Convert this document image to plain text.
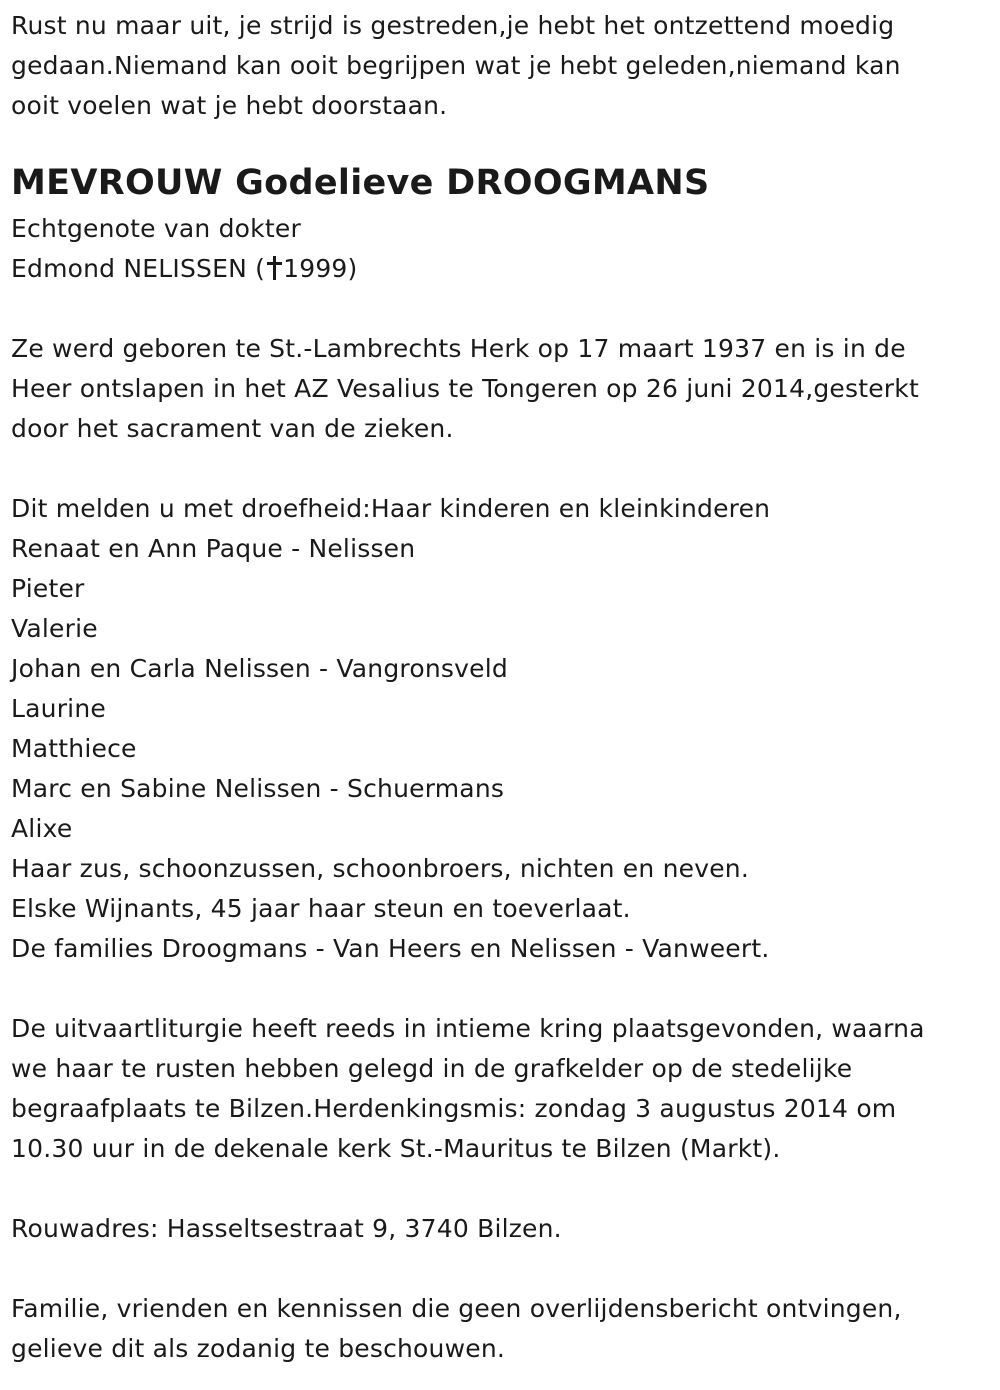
Rust nu maar uit, je strijd is gestreden,je hebt het ontzettend moedig
gedaan.Niemand kan ooit begrijpen wat je hebt geleden,niemand kan
ooit voelen wat je hebt doorstaan.
MEVROUW Godelieve DROOGMANS
Echtgenote van dokter
Edmond NELISSEN ( 1999)
Ze werd geboren te St.-Lambrechts Herk op 17 maart 1937 en is in de
Heer ontslapen in het AZ Vesalius te Tongeren op 26 juni 2014,gesterkt
door het sacrament van de zieken.
Dit melden u met droefheid:Haar kinderen en kleinkinderen
Renaat en Ann Paque - Nelissen
Pieter
Valerie
Johan en Carla Nelissen - Vangronsveld
Laurine
Matthiece
Marc en Sabine Nelissen - Schuermans
Alixe
Haar zus, schoonzussen, schoonbroers, nichten en neven.
Elske Wijnants, 45 jaar haar steun en toeverlaat.
De families Droogmans - Van Heers en Nelissen - Vanweert.
De uitvaartliturgie heeft reeds in intieme kring plaatsgevonden, waarna
we haar te rusten hebben gelegd in de grafkelder op de stedelijke
begraafplaats te Bilzen.Herdenkingsmis: zondag 3 augustus 2014 om
10.30 uur in de dekenale kerk St.-Mauritus te Bilzen (Markt).
Rouwadres: Hasseltsestraat 9, 3740 Bilzen.
Familie, vrienden en kennissen die geen overlijdensbericht ontvingen,
gelieve dit als zodanig te beschouwen.
